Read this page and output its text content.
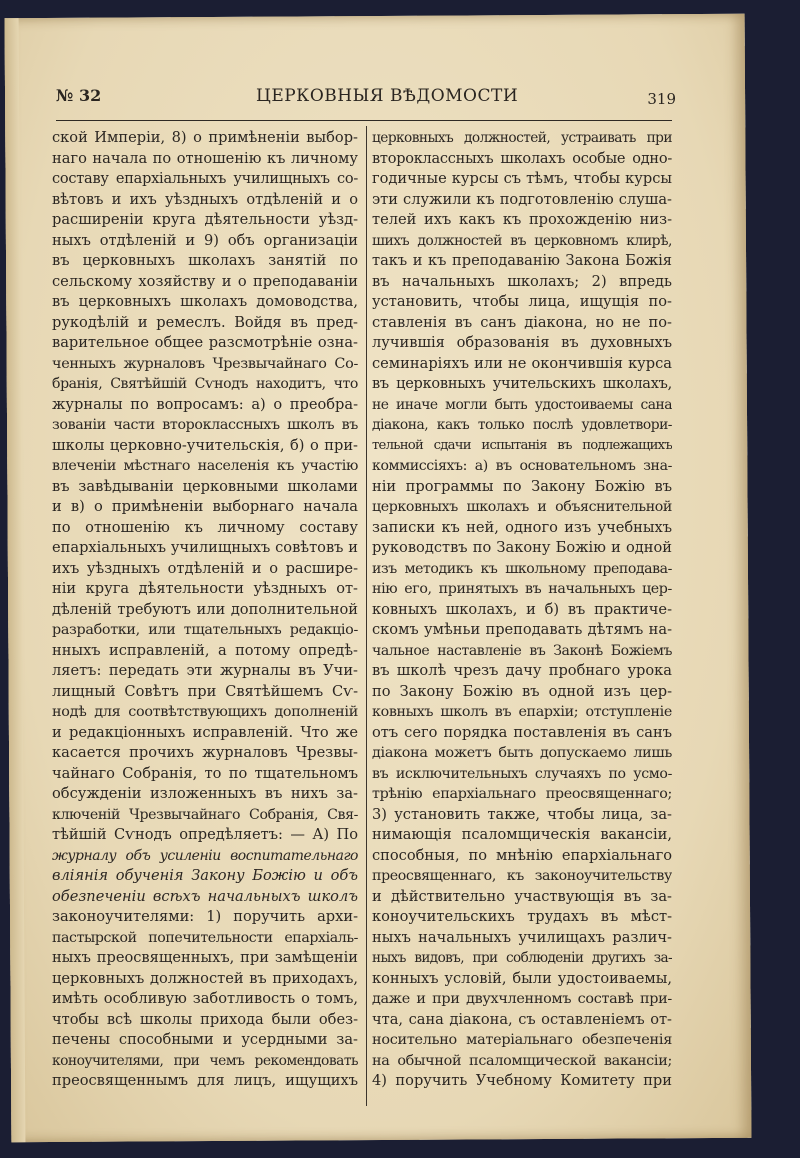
№ 32	ЦЕРКОВНЫЯ ВѢДОМОСТИ	319
ской Имперіи, 8) о примѣненіи выбор-
наго начала по отношенію къ личному
составу епархіальныхъ училищныхъ со-
вѣтовъ и ихъ уѣздныхъ отдѣленій и о
расширеніи круга дѣятельности уѣзд-
ныхъ отдѣленій и 9) объ организаціи
въ церковныхъ школахъ занятій по
сельскому хозяйству и о преподаваніи
въ церковныхъ школахъ домоводства,
рукодѣлій и ремеслъ. Войдя въ пред-
варительное общее разсмотрѣніе озна-
ченныхъ журналовъ Чрезвычайнаго Со-
бранія, Святѣйшій Сѵнодъ находитъ, что
журналы по вопросамъ: а) о преобра-
зованіи части второклассныхъ школъ въ
школы церковно-учительскія, б) о при-
влеченіи мѣстнаго населенія къ участію
въ завѣдываніи церковными школами
и в) о примѣненіи выборнаго начала
по отношенію къ личному составу
епархіальныхъ училищныхъ совѣтовъ и
ихъ уѣздныхъ отдѣленій и о расшире-
ніи круга дѣятельности уѣздныхъ от-
дѣленій требуютъ или дополнительной
разработки, или тщательныхъ редакціо-
нныхъ исправленій, а потому опредѣ-
ляетъ: передать эти журналы въ Учи-
лищный Совѣтъ при Святѣйшемъ Сѵ-
нодѣ для соотвѣтствующихъ дополненій
и редакціонныхъ исправленій. Что же
касается прочихъ журналовъ Чрезвы-
чайнаго Собранія, то по тщательномъ
обсужденіи изложенныхъ въ нихъ за-
ключеній Чрезвычайнаго Собранія, Свя-
тѣйшій Сѵнодъ опредѣляетъ: — А) По
журналу объ усиленіи воспитательнаго
вліянія обученія Закону Божію и объ
обезпеченіи всѣхъ начальныхъ школъ
законоучителями: 1) поручить архи-
пастырской попечительности епархіаль-
ныхъ преосвященныхъ, при замѣщеніи
церковныхъ должностей въ приходахъ,
имѣть особливую заботливость о томъ,
чтобы всѣ школы прихода были обез-
печены способными и усердными за-
коноучителями, при чемъ рекомендовать
преосвященнымъ для лицъ, ищущихъ
церковныхъ должностей, устраивать при
второклассныхъ школахъ особые одно-
годичные курсы съ тѣмъ, чтобы курсы
эти служили къ подготовленію слуша-
телей ихъ какъ къ прохожденію низ-
шихъ должностей въ церковномъ клирѣ,
такъ и къ преподаванію Закона Божія
въ начальныхъ школахъ; 2) впредь
установить, чтобы лица, ищущія по-
ставленія въ санъ діакона, но не по-
лучившія образованія въ духовныхъ
семинаріяхъ или не окончившія курса
въ церковныхъ учительскихъ школахъ,
не иначе могли быть удостоиваемы сана
діакона, какъ только послѣ удовлетвори-
тельной сдачи испытанія въ подлежащихъ
коммиссіяхъ: а) въ основательномъ зна-
ніи программы по Закону Божію въ
церковныхъ школахъ и объяснительной
записки къ ней, одного изъ учебныхъ
руководствъ по Закону Божію и одной
изъ методикъ къ школьному преподава-
нію его, принятыхъ въ начальныхъ цер-
ковныхъ школахъ, и б) въ практиче-
скомъ умѣньи преподавать дѣтямъ на-
чальное наставленіе въ Законѣ Божіемъ
въ школѣ чрезъ дачу пробнаго урока
по Закону Божію въ одной изъ цер-
ковныхъ школъ въ епархіи; отступленіе
отъ сего порядка поставленія въ санъ
діакона можетъ быть допускаемо лишь
въ исключительныхъ случаяхъ по усмо-
трѣнію епархіальнаго преосвященнаго;
3) установить также, чтобы лица, за-
нимающія псаломщическія вакансіи,
способныя, по мнѣнію епархіальнаго
преосвященнаго, къ законоучительству
и дѣйствительно участвующія въ за-
коноучительскихъ трудахъ въ мѣст-
ныхъ начальныхъ училищахъ различ-
ныхъ видовъ, при соблюденіи другихъ за-
конныхъ условій, были удостоиваемы,
даже и при двухчленномъ составѣ при-
чта, сана діакона, съ оставленіемъ от-
носительно матеріальнаго обезпеченія
на обычной псаломщической вакансіи;
4) поручить Учебному Комитету при
